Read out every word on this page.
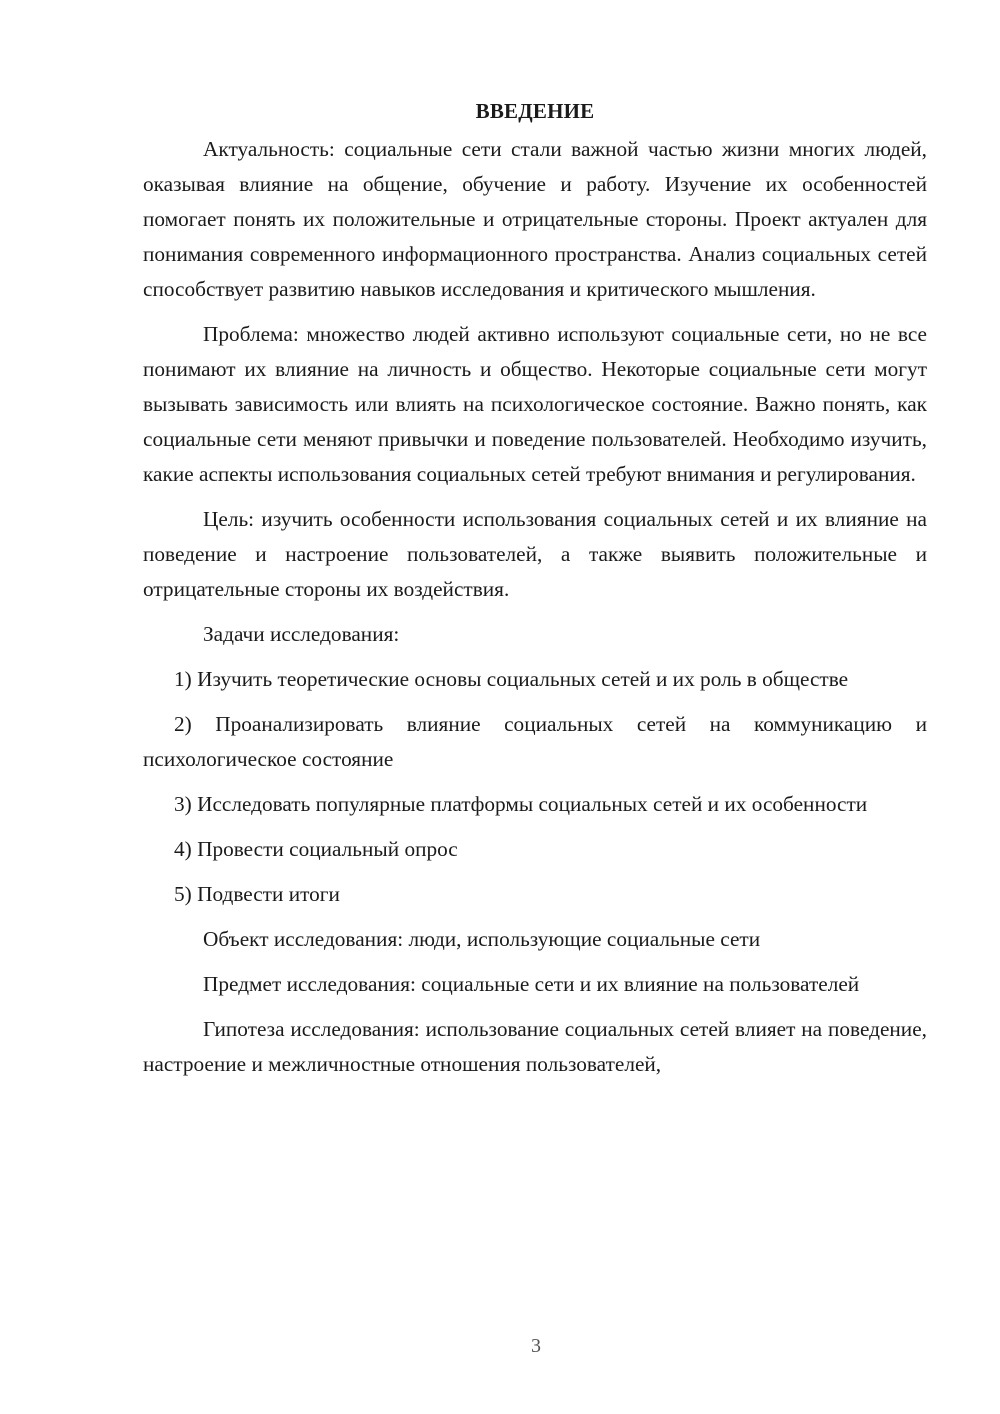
ВВЕДЕНИЕ

Актуальность: социальные сети стали важной частью жизни многих людей, оказывая влияние на общение, обучение и работу. Изучение их особенностей помогает понять их положительные и отрицательные стороны. Проект актуален для понимания современного информационного пространства. Анализ социальных сетей способствует развитию навыков исследования и критического мышления.

Проблема: множество людей активно используют социальные сети, но не все понимают их влияние на личность и общество. Некоторые социальные сети могут вызывать зависимость или влиять на психологическое состояние. Важно понять, как социальные сети меняют привычки и поведение пользователей. Необходимо изучить, какие аспекты использования социальных сетей требуют внимания и регулирования.

Цель: изучить особенности использования социальных сетей и их влияние на поведение и настроение пользователей, а также выявить положительные и отрицательные стороны их воздействия.

Задачи исследования:

1) Изучить теоретические основы социальных сетей и их роль в обществе

2) Проанализировать влияние социальных сетей на коммуникацию и психологическое состояние

3) Исследовать популярные платформы социальных сетей и их особенности

4) Провести социальный опрос

5) Подвести итоги

Объект исследования: люди, использующие социальные сети

Предмет исследования: социальные сети и их влияние на пользователей

Гипотеза исследования: использование социальных сетей влияет на поведение, настроение и межличностные отношения пользователей,

3
